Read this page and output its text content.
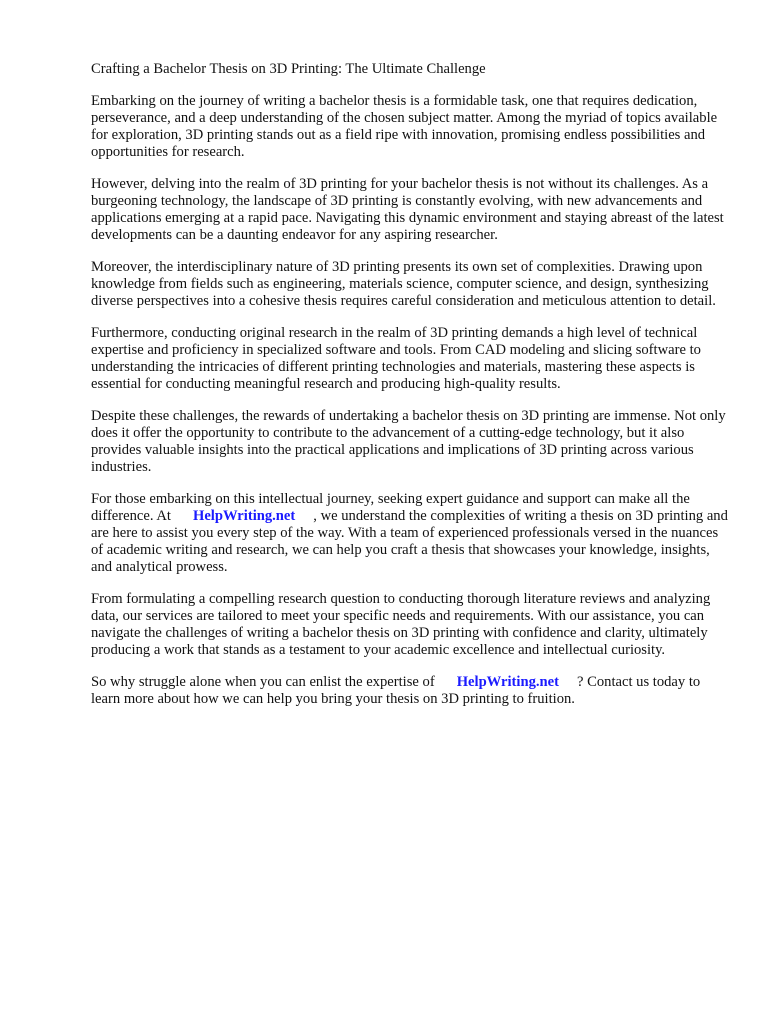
Crafting a Bachelor Thesis on 3D Printing: The Ultimate Challenge

Embarking on the journey of writing a bachelor thesis is a formidable task, one that requires dedication, perseverance, and a deep understanding of the chosen subject matter. Among the myriad of topics available for exploration, 3D printing stands out as a field ripe with innovation, promising endless possibilities and opportunities for research.

However, delving into the realm of 3D printing for your bachelor thesis is not without its challenges. As a burgeoning technology, the landscape of 3D printing is constantly evolving, with new advancements and applications emerging at a rapid pace. Navigating this dynamic environment and staying abreast of the latest developments can be a daunting endeavor for any aspiring researcher.

Moreover, the interdisciplinary nature of 3D printing presents its own set of complexities. Drawing upon knowledge from fields such as engineering, materials science, computer science, and design, synthesizing diverse perspectives into a cohesive thesis requires careful consideration and meticulous attention to detail.

Furthermore, conducting original research in the realm of 3D printing demands a high level of technical expertise and proficiency in specialized software and tools. From CAD modeling and slicing software to understanding the intricacies of different printing technologies and materials, mastering these aspects is essential for conducting meaningful research and producing high-quality results.

Despite these challenges, the rewards of undertaking a bachelor thesis on 3D printing are immense. Not only does it offer the opportunity to contribute to the advancement of a cutting-edge technology, but it also provides valuable insights into the practical applications and implications of 3D printing across various industries.

For those embarking on this intellectual journey, seeking expert guidance and support can make all the difference. At HelpWriting.net , we understand the complexities of writing a thesis on 3D printing and are here to assist you every step of the way. With a team of experienced professionals versed in the nuances of academic writing and research, we can help you craft a thesis that showcases your knowledge, insights, and analytical prowess.

From formulating a compelling research question to conducting thorough literature reviews and analyzing data, our services are tailored to meet your specific needs and requirements. With our assistance, you can navigate the challenges of writing a bachelor thesis on 3D printing with confidence and clarity, ultimately producing a work that stands as a testament to your academic excellence and intellectual curiosity.

So why struggle alone when you can enlist the expertise of HelpWriting.net ? Contact us today to learn more about how we can help you bring your thesis on 3D printing to fruition.
